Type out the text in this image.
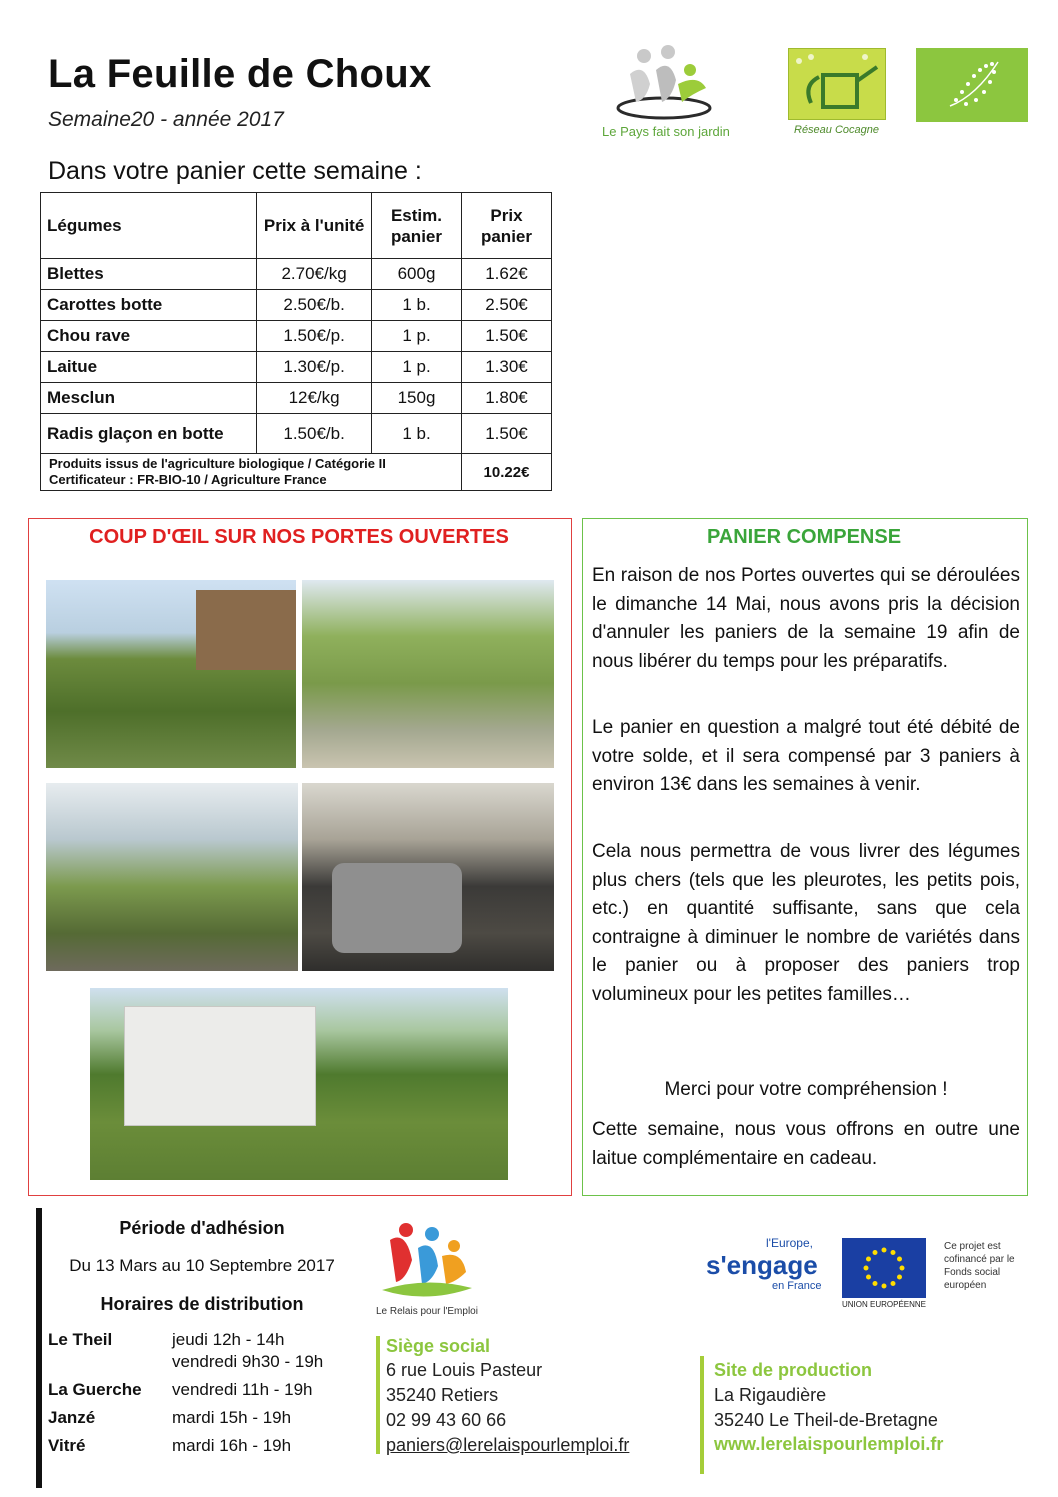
La Feuille de Choux
Semaine20 - année 2017
Dans votre panier cette semaine :
Le Pays fait son jardin	Réseau Cocagne
Légumes	Prix à l'unité	Estim. panier	Prix panier
Blettes	2.70€/kg	600g	1.62€
Carottes botte	2.50€/b.	1 b.	2.50€
Chou rave	1.50€/p.	1 p.	1.50€
Laitue	1.30€/p.	1 p.	1.30€
Mesclun	12€/kg	150g	1.80€
Radis glaçon en botte	1.50€/b.	1 b.	1.50€

Produits issus de l'agriculture biologique / Catégorie II
Certificateur : FR-BIO-10 / Agriculture France			10.22€
COUP D'ŒIL SUR NOS PORTES OUVERTES	PANIER COMPENSE
En raison de nos Portes ouvertes qui se déroulées le dimanche 14 Mai, nous avons pris la décision d'annuler les paniers de la semaine 19 afin de nous libérer du temps pour les préparatifs.
Le panier en question a malgré tout été débité de votre solde, et il sera compensé par 3 paniers à environ 13€ dans les semaines à venir.
Cela nous permettra de vous livrer des légumes plus chers (tels que les pleurotes, les petits pois, etc.) en quantité suffisante, sans que cela contraigne à diminuer le nombre de variétés dans le panier ou à proposer des paniers trop volumineux pour les petites familles…
Merci pour votre compréhension !
Cette semaine, nous vous offrons en outre une laitue complémentaire en cadeau.
Période d'adhésion
Du 13 Mars au 10 Septembre 2017
Horaires de distribution
Le Theil	jeudi 12h - 14h
vendredi 9h30 - 19h
La Guerche vendredi 11h - 19h
Janzé	mardi 15h - 19h
Vitré	mardi 16h - 19h
Le Relais pour l'Emploi
l'Europe,
s'engage
en France
UNION EUROPÉENNE
Ce projet est cofinancé par le Fonds social européen
Siège social
6 rue Louis Pasteur
35240 Retiers
02 99 43 60 66
paniers@lerelaispourlemploi.fr
Site de production
La Rigaudière
35240 Le Theil-de-Bretagne
www.lerelaispourlemploi.fr
